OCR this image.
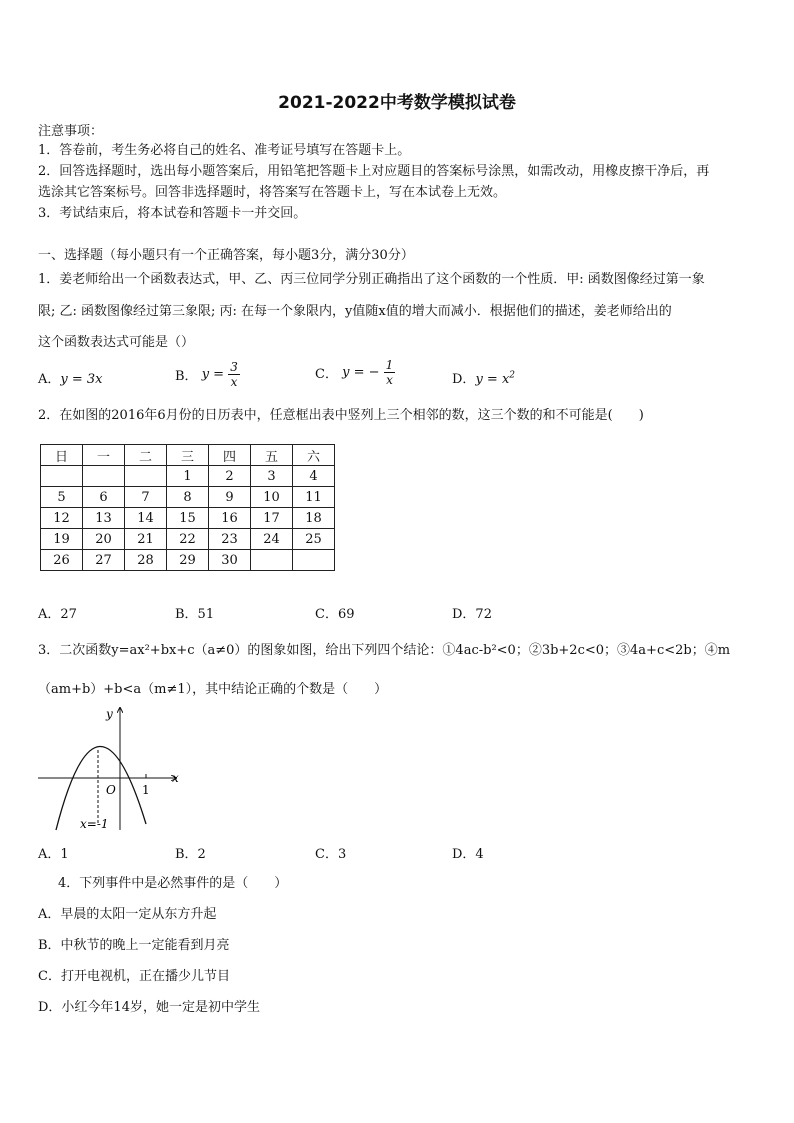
2021-2022中考数学模拟试卷
注意事项：
1．答卷前，考生务必将自己的姓名、准考证号填写在答题卡上。
2．回答选择题时，选出每小题答案后，用铅笔把答题卡上对应题目的答案标号涂黑，如需改动，用橡皮擦干净后，再
选涂其它答案标号。回答非选择题时，将答案写在答题卡上，写在本试卷上无效。
3．考试结束后，将本试卷和答题卡一并交回。
一、选择题（每小题只有一个正确答案，每小题3分，满分30分）
1．姜老师给出一个函数表达式，甲、乙、丙三位同学分别正确指出了这个函数的一个性质．甲: 函数图像经过第一象
限; 乙: 函数图像经过第三象限; 丙: 在每一个象限内，y值随x值的增大而减小．根据他们的描述，姜老师给出的
这个函数表达式可能是（）
A．y = 3x	B． $y = \frac{3}{x}$	C． y = − $\frac{1}{x}$	D．$y = x^2$
2．在如图的2016年6月份的日历表中，任意框出表中竖列上三个相邻的数，这三个数的和不可能是(　　)
日	一	二	三	四	五	六
			1	2	3	4
5	6	7	8	9	10	11
12	13	14	15	16	17	18
19	20	21	22	23	24	25
26	27	28	29	30		
A．27	B．51	C．69	D．72
3．二次函数y=ax²+bx+c（a≠0）的图象如图，给出下列四个结论：①4ac-b²<0；②3b+2c<0；③4a+c<2b；④m
（am+b）+b<a（m≠1），其中结论正确的个数是（　　）
y
x
O 1
x=-1
A．1	B．2	C．3	D．4
4．下列事件中是必然事件的是（　　）
A．早晨的太阳一定从东方升起
B．中秋节的晚上一定能看到月亮
C．打开电视机，正在播少儿节目
D．小红今年14岁，她一定是初中学生
